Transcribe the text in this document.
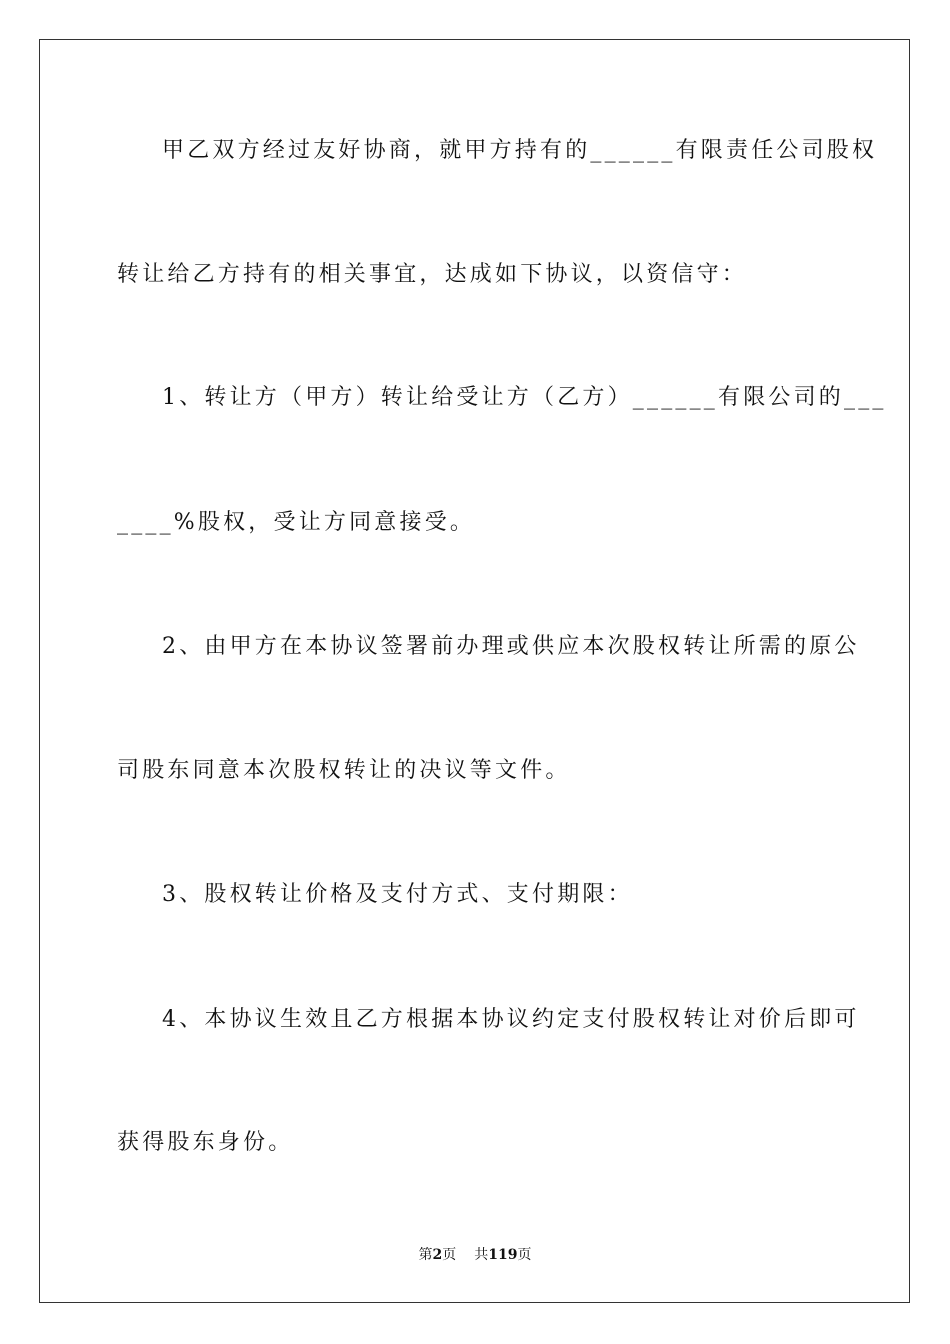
甲乙双方经过友好协商，就甲方持有的______有限责任公司股权
转让给乙方持有的相关事宜，达成如下协议，以资信守：
1、转让方（甲方）转让给受让方（乙方）______有限公司的___
____%股权，受让方同意接受。
2、由甲方在本协议签署前办理或供应本次股权转让所需的原公
司股东同意本次股权转让的决议等文件。
3、股权转让价格及支付方式、支付期限：
4、本协议生效且乙方根据本协议约定支付股权转让对价后即可
获得股东身份。
第2页 共119页
